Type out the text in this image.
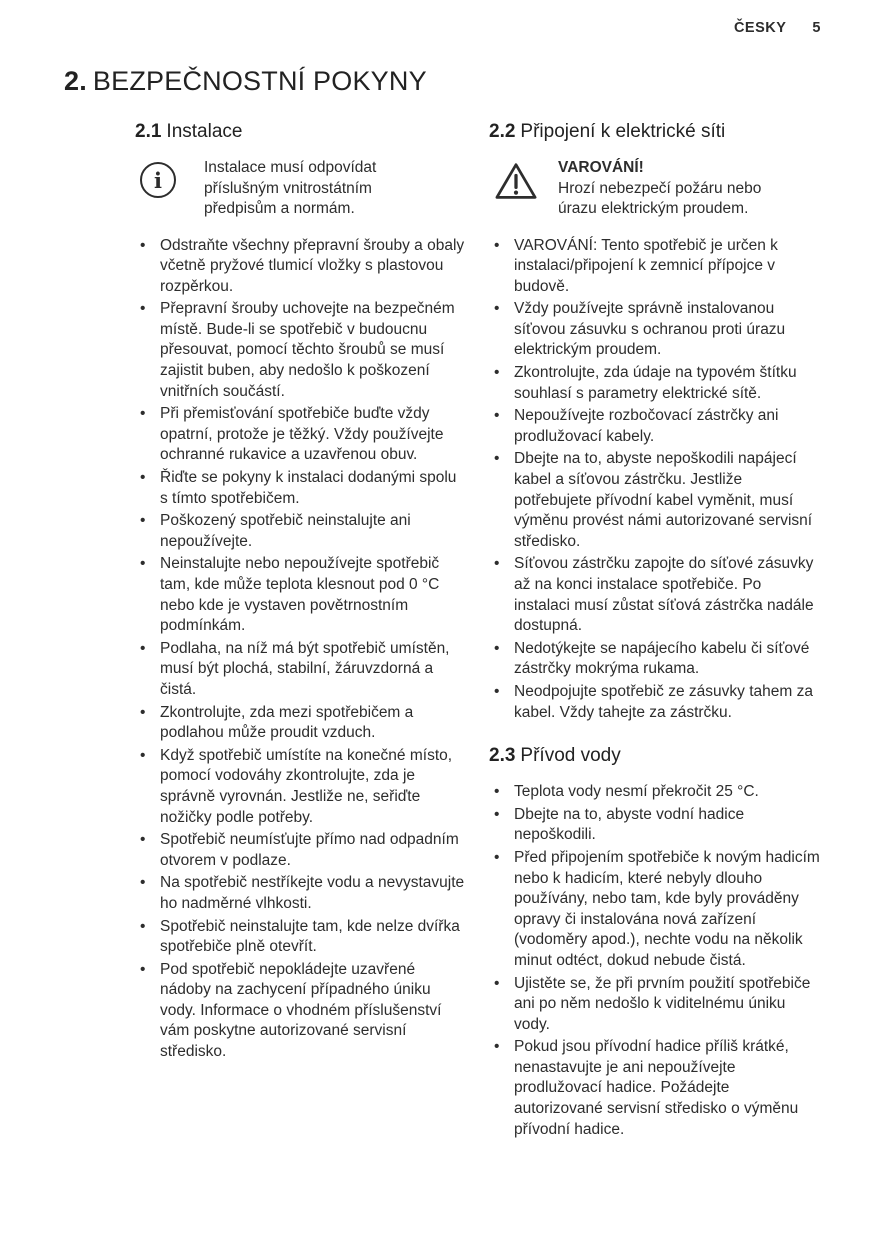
ČESKY 5
2. BEZPEČNOSTNÍ POKYNY
2.1 Instalace
i	Instalace musí odpovídat příslušným vnitrostátním předpisům a normám.
• Odstraňte všechny přepravní šrouby a obaly včetně pryžové tlumicí vložky s plastovou rozpěrkou.
• Přepravní šrouby uchovejte na bezpečném místě. Bude-li se spotřebič v budoucnu přesouvat, pomocí těchto šroubů se musí zajistit buben, aby nedošlo k poškození vnitřních součástí.
• Při přemisťování spotřebiče buďte vždy opatrní, protože je těžký. Vždy používejte ochranné rukavice a uzavřenou obuv.
• Řiďte se pokyny k instalaci dodanými spolu s tímto spotřebičem.
• Poškozený spotřebič neinstalujte ani nepoužívejte.
• Neinstalujte nebo nepoužívejte spotřebič tam, kde může teplota klesnout pod 0 °C nebo kde je vystaven povětrnostním podmínkám.
• Podlaha, na níž má být spotřebič umístěn, musí být plochá, stabilní, žáruvzdorná a čistá.
• Zkontrolujte, zda mezi spotřebičem a podlahou může proudit vzduch.
• Když spotřebič umístíte na konečné místo, pomocí vodováhy zkontrolujte, zda je správně vyrovnán. Jestliže ne, seřiďte nožičky podle potřeby.
• Spotřebič neumísťujte přímo nad odpadním otvorem v podlaze.
• Na spotřebič nestříkejte vodu a nevystavujte ho nadměrné vlhkosti.
• Spotřebič neinstalujte tam, kde nelze dvířka spotřebiče plně otevřít.
• Pod spotřebič nepokládejte uzavřené nádoby na zachycení případného úniku vody. Informace o vhodném příslušenství vám poskytne autorizované servisní středisko.
2.2 Připojení k elektrické síti
VAROVÁNÍ!
Hrozí nebezpečí požáru nebo úrazu elektrickým proudem.
• VAROVÁNÍ: Tento spotřebič je určen k instalaci/připojení k zemnicí přípojce v budově.
• Vždy používejte správně instalovanou síťovou zásuvku s ochranou proti úrazu elektrickým proudem.
• Zkontrolujte, zda údaje na typovém štítku souhlasí s parametry elektrické sítě.
• Nepoužívejte rozbočovací zástrčky ani prodlužovací kabely.
• Dbejte na to, abyste nepoškodili napájecí kabel a síťovou zástrčku. Jestliže potřebujete přívodní kabel vyměnit, musí výměnu provést námi autorizované servisní středisko.
• Síťovou zástrčku zapojte do síťové zásuvky až na konci instalace spotřebiče. Po instalaci musí zůstat síťová zástrčka nadále dostupná.
• Nedotýkejte se napájecího kabelu či síťové zástrčky mokrýma rukama.
• Neodpojujte spotřebič ze zásuvky tahem za kabel. Vždy tahejte za zástrčku.
2.3 Přívod vody
• Teplota vody nesmí překročit 25 °C.
• Dbejte na to, abyste vodní hadice nepoškodili.
• Před připojením spotřebiče k novým hadicím nebo k hadicím, které nebyly dlouho používány, nebo tam, kde byly prováděny opravy či instalována nová zařízení (vodoměry apod.), nechte vodu na několik minut odtéct, dokud nebude čistá.
• Ujistěte se, že při prvním použití spotřebiče ani po něm nedošlo k viditelnému úniku vody.
• Pokud jsou přívodní hadice příliš krátké, nenastavujte je ani nepoužívejte prodlužovací hadice. Požádejte autorizované servisní středisko o výměnu přívodní hadice.
